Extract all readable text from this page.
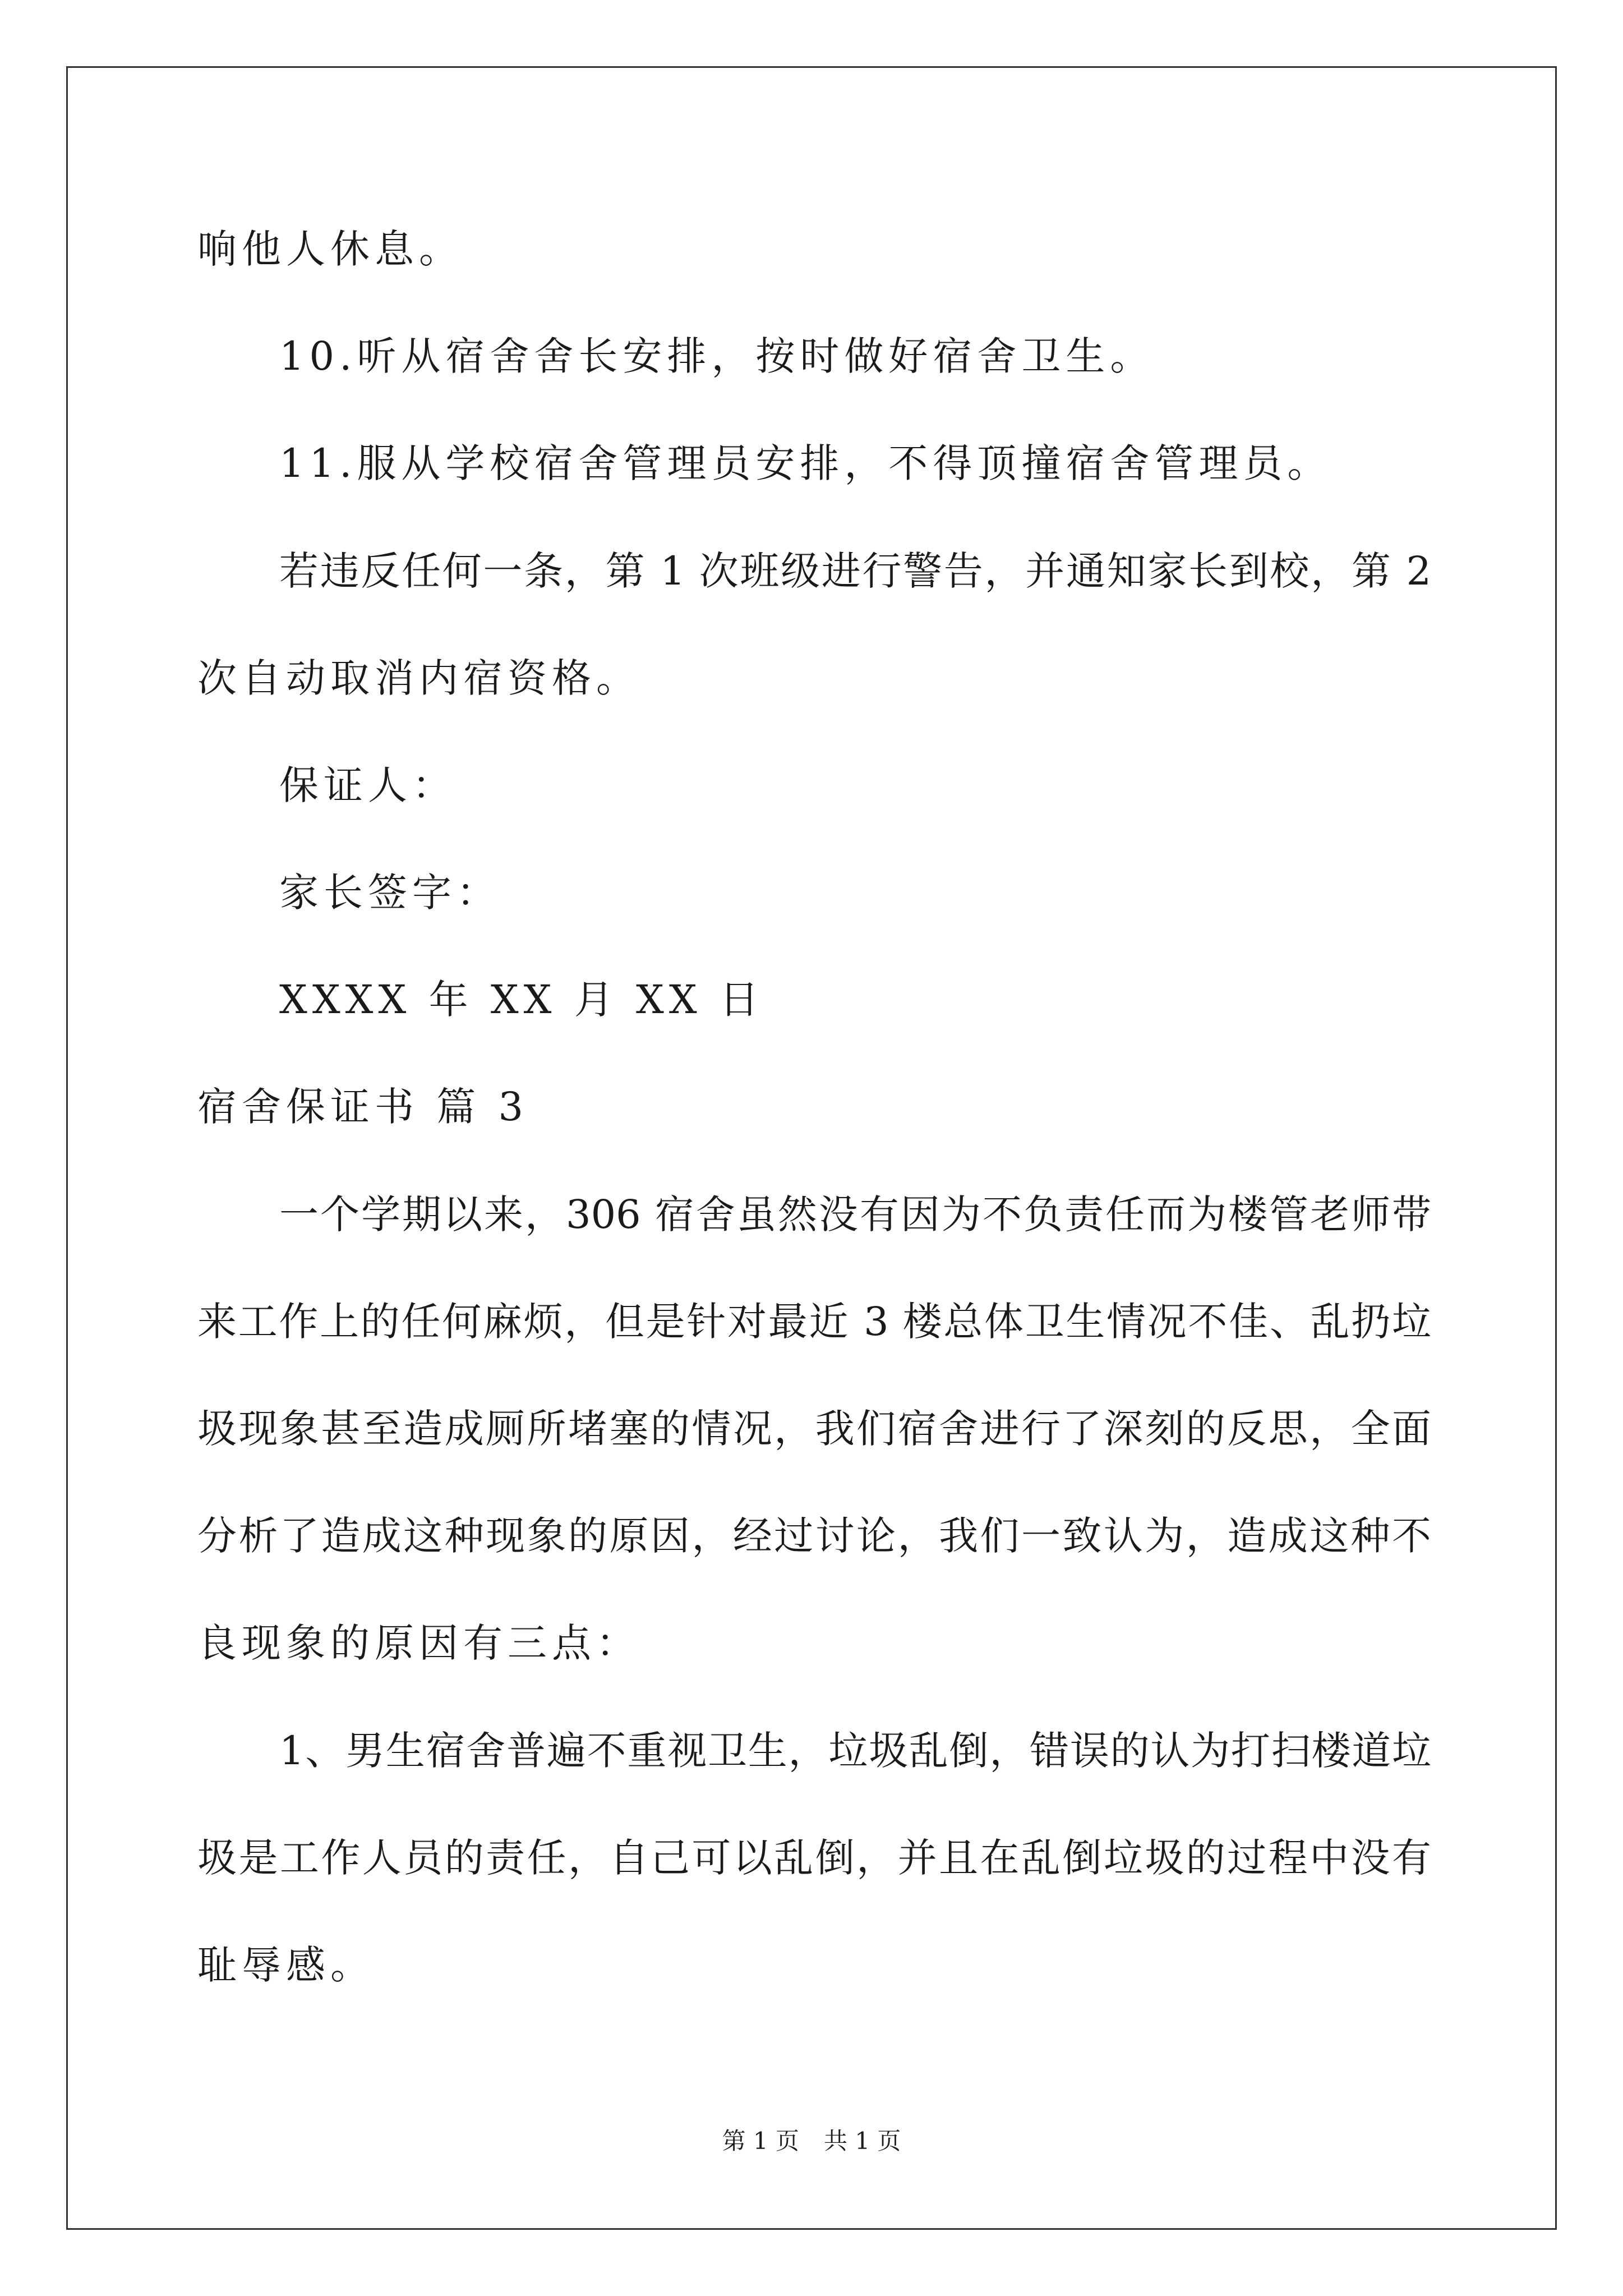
响他人休息。
10.听从宿舍舍长安排，按时做好宿舍卫生。
11.服从学校宿舍管理员安排，不得顶撞宿舍管理员。
若违反任何一条，第 1 次班级进行警告，并通知家长到校，第 2
次自动取消内宿资格。
保证人：
家长签字：
XXXX 年 XX 月 XX 日
宿舍保证书 篇 3
一个学期以来，306 宿舍虽然没有因为不负责任而为楼管老师带
来工作上的任何麻烦，但是针对最近 3 楼总体卫生情况不佳、乱扔垃
圾现象甚至造成厕所堵塞的情况，我们宿舍进行了深刻的反思，全面
分析了造成这种现象的原因，经过讨论，我们一致认为，造成这种不
良现象的原因有三点：
1、男生宿舍普遍不重视卫生，垃圾乱倒，错误的认为打扫楼道垃
圾是工作人员的责任，自己可以乱倒，并且在乱倒垃圾的过程中没有
耻辱感。
第 1 页 共 1 页
